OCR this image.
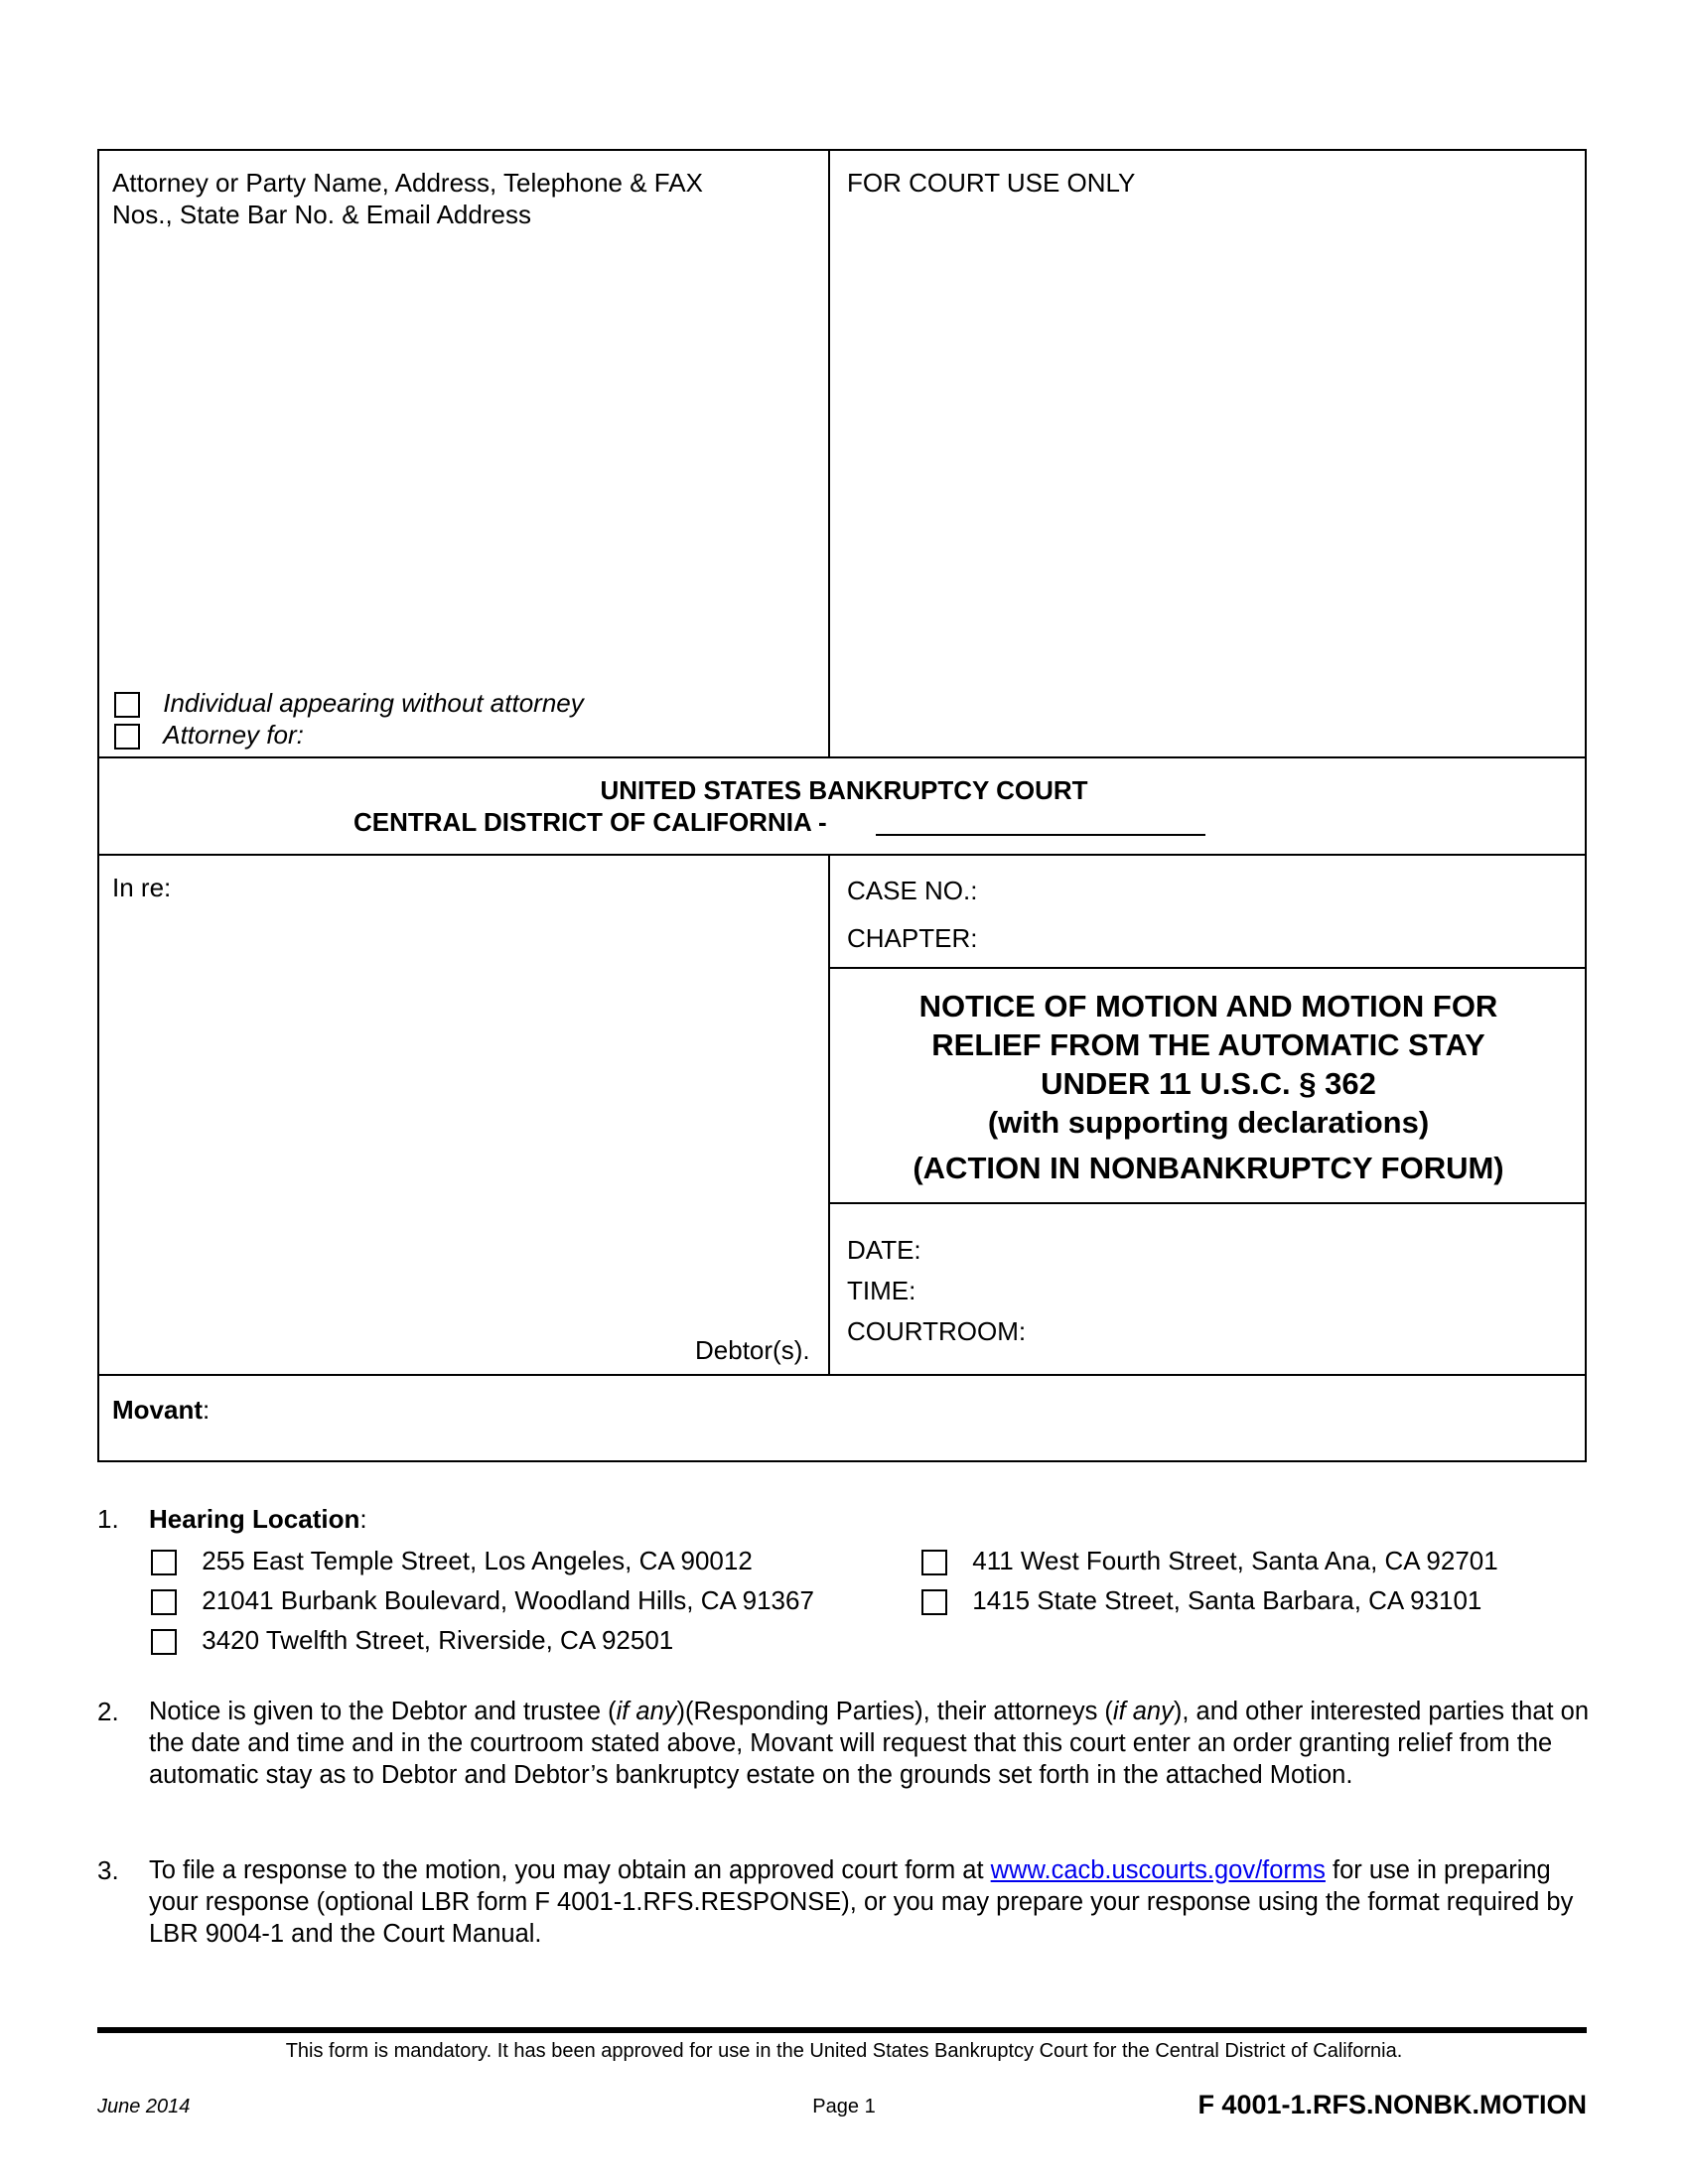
Attorney or Party Name, Address, Telephone & FAX
Nos., State Bar No. & Email Address
Individual appearing without attorney
Attorney for:
FOR COURT USE ONLY
UNITED STATES BANKRUPTCY COURT
CENTRAL DISTRICT OF CALIFORNIA -
In re:
Debtor(s).
CASE NO.:
CHAPTER:
NOTICE OF MOTION AND MOTION FOR
RELIEF FROM THE AUTOMATIC STAY
UNDER 11 U.S.C. § 362
(with supporting declarations)
(ACTION IN NONBANKRUPTCY FORUM)
DATE:
TIME:
COURTROOM:
Movant:
1. Hearing Location:
255 East Temple Street, Los Angeles, CA 90012
21041 Burbank Boulevard, Woodland Hills, CA 91367
3420 Twelfth Street, Riverside, CA 92501
411 West Fourth Street, Santa Ana, CA 92701
1415 State Street, Santa Barbara, CA 93101
2. Notice is given to the Debtor and trustee (if any)(Responding Parties), their attorneys (if any), and other interested parties that on the date and time and in the courtroom stated above, Movant will request that this court enter an order granting relief from the automatic stay as to Debtor and Debtor’s bankruptcy estate on the grounds set forth in the attached Motion.
3. To file a response to the motion, you may obtain an approved court form at www.cacb.uscourts.gov/forms for use in preparing your response (optional LBR form F 4001-1.RFS.RESPONSE), or you may prepare your response using the format required by LBR 9004-1 and the Court Manual.
This form is mandatory. It has been approved for use in the United States Bankruptcy Court for the Central District of California.
June 2014	Page 1	F 4001-1.RFS.NONBK.MOTION
